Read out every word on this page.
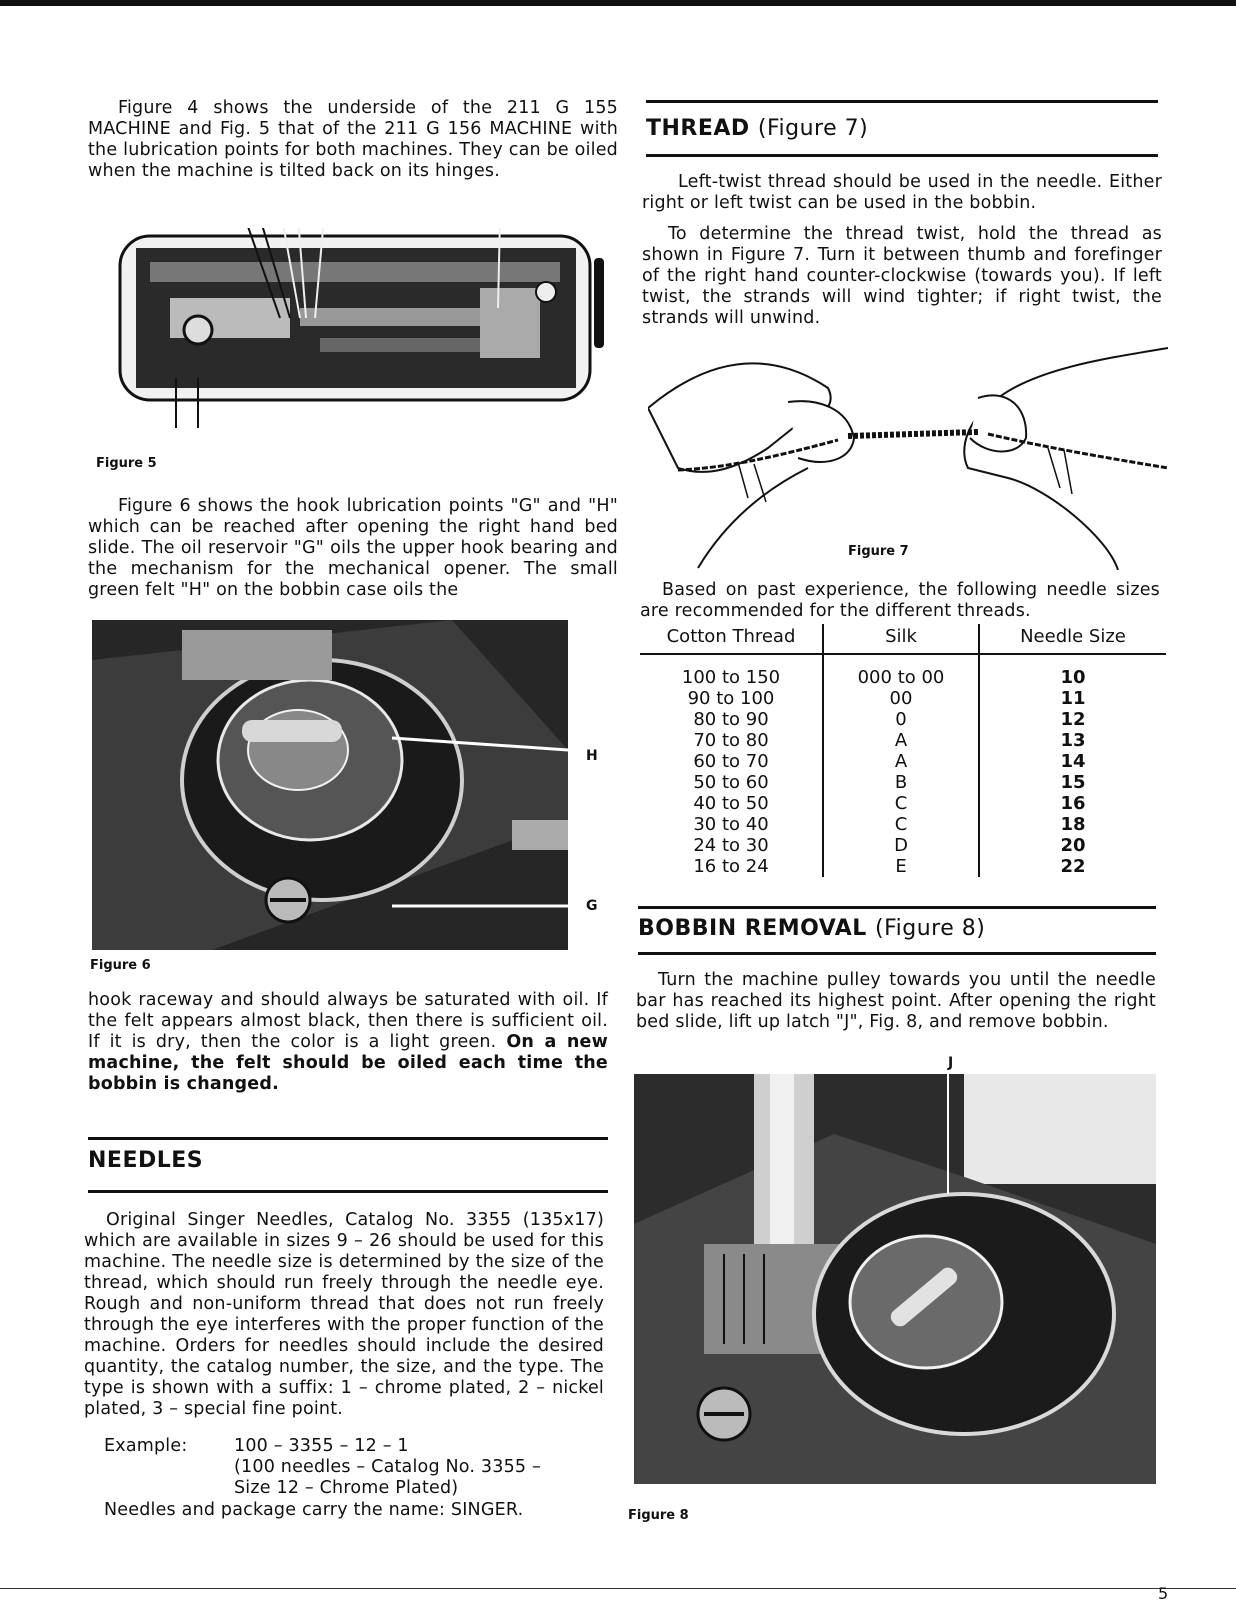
Figure 4 shows the underside of the 211 G 155 MACHINE and Fig. 5 that of the 211 G 156 MACHINE with the lubrication points for both machines. They can be oiled when the machine is tilted back on its hinges.
Figure 5
Figure 6 shows the hook lubrication points "G" and "H" which can be reached after opening the right hand bed slide. The oil reservoir "G" oils the upper hook bearing and the mechanism for the mechanical opener. The small green felt "H" on the bobbin case oils the
H
G
Figure 6
hook raceway and should always be saturated with oil. If the felt appears almost black, then there is sufficient oil. If it is dry, then the color is a light green. On a new machine, the felt should be oiled each time the bobbin is changed.
NEEDLES
Original Singer Needles, Catalog No. 3355 (135x17) which are available in sizes 9 – 26 should be used for this machine. The needle size is determined by the size of the thread, which should run freely through the needle eye. Rough and non-uniform thread that does not run freely through the eye interferes with the proper function of the machine. Orders for needles should include the desired quantity, the catalog number, the size, and the type. The type is shown with a suffix: 1 – chrome plated, 2 – nickel plated, 3 – special fine point.
Example:	100 – 3355 – 12 – 1
(100 needles – Catalog No. 3355 –
Size 12 – Chrome Plated)
Needles and package carry the name: SINGER.
THREAD (Figure 7)
Left-twist thread should be used in the needle. Either right or left twist can be used in the bobbin.
To determine the thread twist, hold the thread as shown in Figure 7. Turn it between thumb and forefinger of the right hand counter-clockwise (towards you). If left twist, the strands will wind tighter; if right twist, the strands will unwind.
Figure 7
Based on past experience, the following needle sizes are recommended for the different threads.
Cotton Thread	Silk	Needle Size
100 to 150	000 to 00	10
90 to 100	00	11
80 to 90	0	12
70 to 80	A	13
60 to 70	A	14
50 to 60	B	15
40 to 50	C	16
30 to 40	C	18
24 to 30	D	20
16 to 24	E	22
BOBBIN REMOVAL (Figure 8)
Turn the machine pulley towards you until the needle bar has reached its highest point. After opening the right bed slide, lift up latch "J", Fig. 8, and remove bobbin.
J
Figure 8
5
